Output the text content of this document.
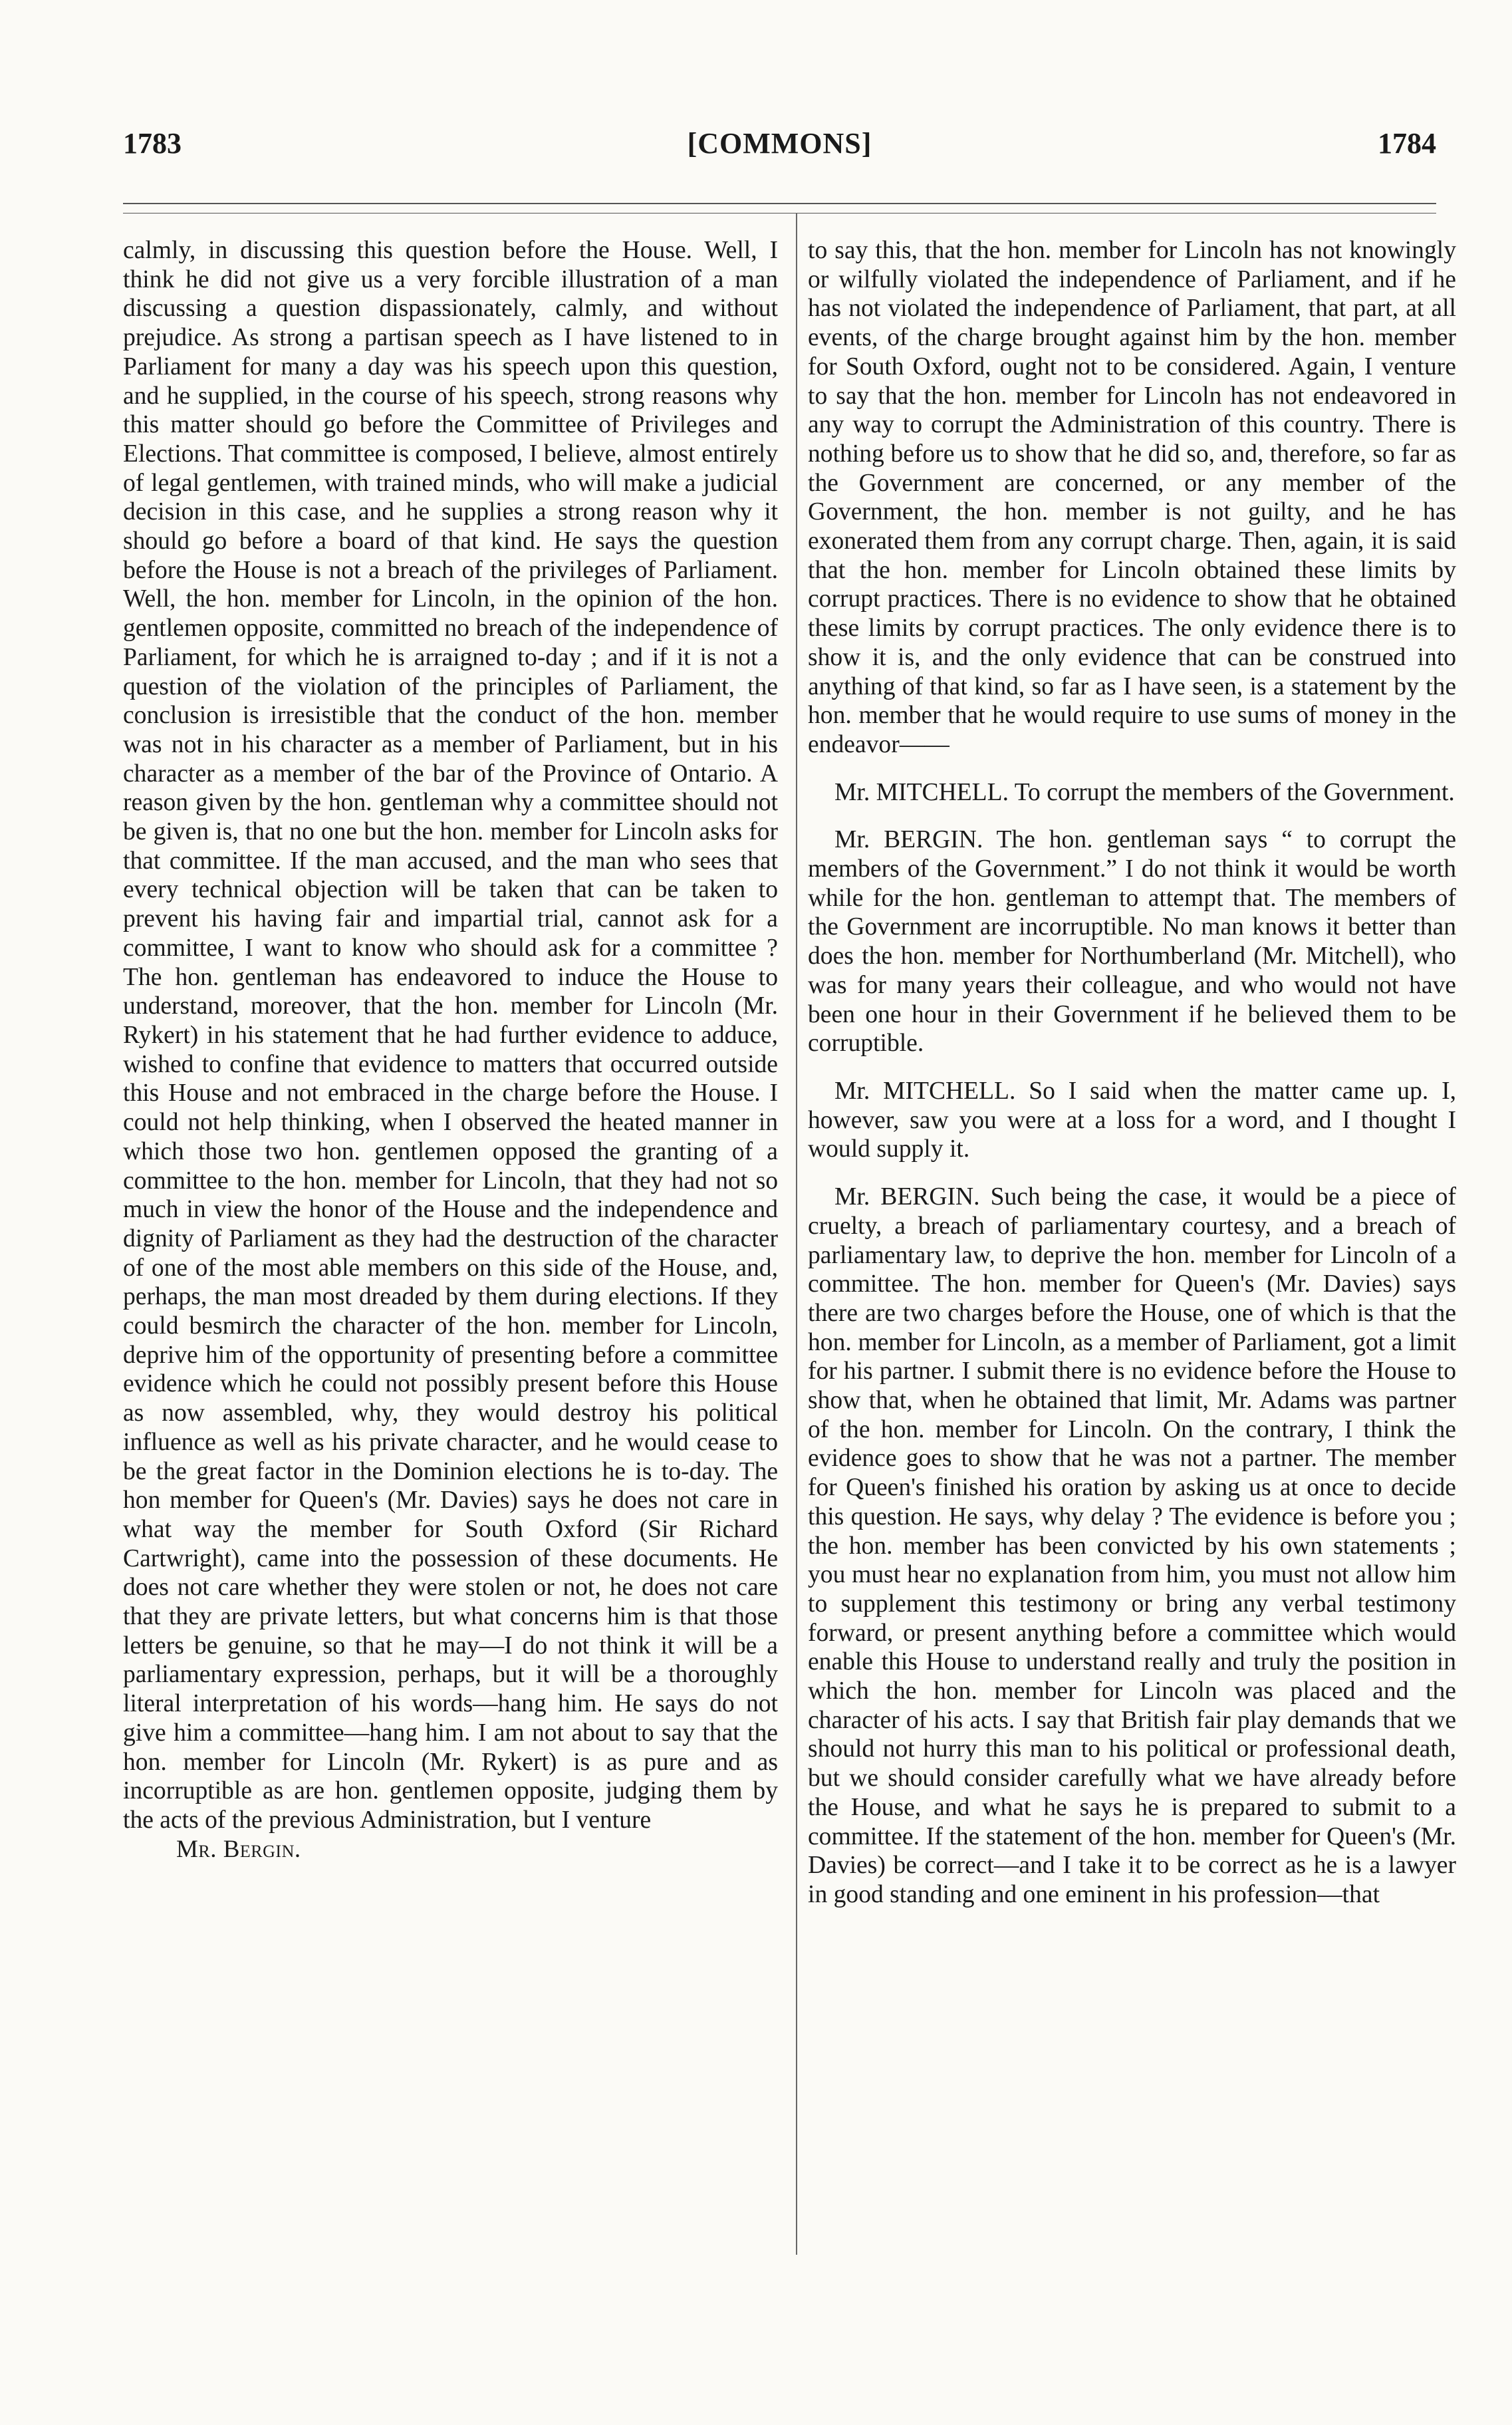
1783	[COMMONS]	1784

calmly, in discussing this question before the House. Well, I think he did not give us a very forcible illustration of a man discussing a question dispassionately, calmly, and without prejudice. As strong a partisan speech as I have listened to in Parliament for many a day was his speech upon this question, and he supplied, in the course of his speech, strong reasons why this matter should go before the Committee of Privileges and Elections. That committee is composed, I believe, almost entirely of legal gentlemen, with trained minds, who will make a judicial decision in this case, and he supplies a strong reason why it should go before a board of that kind. He says the question before the House is not a breach of the privileges of Parliament. Well, the hon. member for Lincoln, in the opinion of the hon. gentlemen opposite, committed no breach of the independence of Parliament, for which he is arraigned to-day ; and if it is not a question of the violation of the principles of Parliament, the conclusion is irresistible that the conduct of the hon. member was not in his character as a member of Parliament, but in his character as a member of the bar of the Province of Ontario. A reason given by the hon. gentleman why a committee should not be given is, that no one but the hon. member for Lincoln asks for that committee. If the man accused, and the man who sees that every technical objection will be taken that can be taken to prevent his having fair and impartial trial, cannot ask for a committee, I want to know who should ask for a committee ? The hon. gentleman has endeavored to induce the House to understand, moreover, that the hon. member for Lincoln (Mr. Rykert) in his statement that he had further evidence to adduce, wished to confine that evidence to matters that occurred outside this House and not embraced in the charge before the House. I could not help thinking, when I observed the heated manner in which those two hon. gentlemen opposed the granting of a committee to the hon. member for Lincoln, that they had not so much in view the honor of the House and the independence and dignity of Parliament as they had the destruction of the character of one of the most able members on this side of the House, and, perhaps, the man most dreaded by them during elections. If they could besmirch the character of the hon. member for Lincoln, deprive him of the opportunity of presenting before a committee evidence which he could not possibly present before this House as now assembled, why, they would destroy his political influence as well as his private character, and he would cease to be the great factor in the Dominion elections he is to-day. The hon member for Queen's (Mr. Davies) says he does not care in what way the member for South Oxford (Sir Richard Cartwright), came into the possession of these documents. He does not care whether they were stolen or not, he does not care that they are private letters, but what concerns him is that those letters be genuine, so that he may—I do not think it will be a parliamentary expression, perhaps, but it will be a thoroughly literal interpretation of his words—hang him. He says do not give him a committee—hang him. I am not about to say that the hon. member for Lincoln (Mr. Rykert) is as pure and as incorruptible as are hon. gentlemen opposite, judging them by the acts of the previous Administration, but I venture

Mr. Bergin.

to say this, that the hon. member for Lincoln has not knowingly or wilfully violated the independence of Parliament, and if he has not violated the independence of Parliament, that part, at all events, of the charge brought against him by the hon. member for South Oxford, ought not to be considered. Again, I venture to say that the hon. member for Lincoln has not endeavored in any way to corrupt the Administration of this country. There is nothing before us to show that he did so, and, therefore, so far as the Government are concerned, or any member of the Government, the hon. member is not guilty, and he has exonerated them from any corrupt charge. Then, again, it is said that the hon. member for Lincoln obtained these limits by corrupt practices. There is no evidence to show that he obtained these limits by corrupt practices. The only evidence there is to show it is, and the only evidence that can be construed into anything of that kind, so far as I have seen, is a statement by the hon. member that he would require to use sums of money in the endeavor——

Mr. MITCHELL. To corrupt the members of the Government.

Mr. BERGIN. The hon. gentleman says “ to corrupt the members of the Government.” I do not think it would be worth while for the hon. gentleman to attempt that. The members of the Government are incorruptible. No man knows it better than does the hon. member for Northumberland (Mr. Mitchell), who was for many years their colleague, and who would not have been one hour in their Government if he believed them to be corruptible.

Mr. MITCHELL. So I said when the matter came up. I, however, saw you were at a loss for a word, and I thought I would supply it.

Mr. BERGIN. Such being the case, it would be a piece of cruelty, a breach of parliamentary courtesy, and a breach of parliamentary law, to deprive the hon. member for Lincoln of a committee. The hon. member for Queen's (Mr. Davies) says there are two charges before the House, one of which is that the hon. member for Lincoln, as a member of Parliament, got a limit for his partner. I submit there is no evidence before the House to show that, when he obtained that limit, Mr. Adams was partner of the hon. member for Lincoln. On the contrary, I think the evidence goes to show that he was not a partner. The member for Queen's finished his oration by asking us at once to decide this question. He says, why delay ? The evidence is before you ; the hon. member has been convicted by his own statements ; you must hear no explanation from him, you must not allow him to supplement this testimony or bring any verbal testimony forward, or present anything before a committee which would enable this House to understand really and truly the position in which the hon. member for Lincoln was placed and the character of his acts. I say that British fair play demands that we should not hurry this man to his political or professional death, but we should consider carefully what we have already before the House, and what he says he is prepared to submit to a committee. If the statement of the hon. member for Queen's (Mr. Davies) be correct—and I take it to be correct as he is a lawyer in good standing and one eminent in his profession—that
